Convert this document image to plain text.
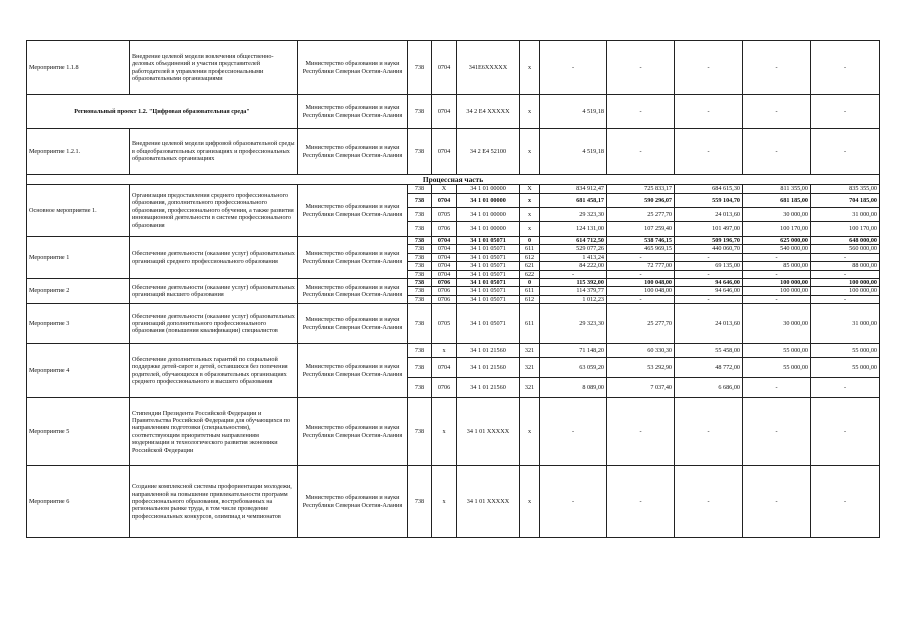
Мероприятие 1.1.8	Внедрение целевой модели вовлечения общественно-деловых объединений и участия представителей работодателей в управлении профессиональными образовательными организациями	Министерство образования и науки Республики Северная Осетия-Алания	738	0704	341E6XXXXX	х	-	-	-	-	-
Региональный проект 1.2. "Цифровая образовательная среда"		Министерство образования и науки Республики Северная Осетия-Алания	738	0704	34 2 E4 XXXXX	х	4 519,18	-	-	-	-
Мероприятие 1.2.1.	Внедрение целевой модели цифровой образовательной среды в общеобразовательных организациях и профессиональных образовательных организациях	Министерство образования и науки Республики Северная Осетия-Алания	738	0704	34 2 E4 52100	х	4 519,18	-	-	-	-
Процессная часть											
Основное мероприятие 1.	Организация предоставления среднего профессионального образования, дополнительного профессионального образования, профессионального обучения, а также развития инновационной деятельности в системе профессионального образования	Министерство образования и науки Республики Северная Осетия-Алания	738	Х	34 1 01 00000	Х	834 912,47	725 833,17	684 615,30	811 355,00	835 355,00
			738	0704	34 1 01 00000	х	681 458,17	590 296,07	559 104,70	681 185,00	704 185,00
			738	0705	34 1 01 00000	х	29 323,30	25 277,70	24 013,60	30 000,00	31 000,00
			738	0706	34 1 01 00000	х	124 131,00	107 259,40	101 497,00	100 170,00	100 170,00
Мероприятие 1	Обеспечение деятельности (оказание услуг) образовательных организаций среднего профессионального образования	Министерство образования и науки Республики Северная Осетия-Алания	738	0704	34 1 01 05071	0	614 712,50	538 746,15	509 196,70	625 000,00	648 000,00
			738	0704	34 1 01 05071	611	529 077,26	465 969,15	440 060,70	540 000,00	560 000,00
			738	0704	34 1 01 05071	612	1 413,24	-	-	-	-
			738	0704	34 1 01 05071	621	84 222,00	72 777,00	69 135,00	85 000,00	88 000,00
			738	0704	34 1 01 05071	622	-	-	-	-	-
Мероприятие 2	Обеспечение деятельности (оказание услуг) образовательных организаций высшего образования	Министерство образования и науки Республики Северная Осетия-Алания	738	0706	34 1 01 05071	0	115 392,00	100 048,00	94 646,00	100 000,00	100 000,00
			738	0706	34 1 01 05071	611	114 379,77	100 048,00	94 646,00	100 000,00	100 000,00
			738	0706	34 1 01 05071	612	1 012,23	-	-	-	-
Мероприятие 3	Обеспечение деятельности (оказание услуг) образовательных организаций дополнительного профессионального образования (повышения квалификации) специалистов	Министерство образования и науки Республики Северная Осетия-Алания	738	0705	34 1 01 05071	611	29 323,30	25 277,70	24 013,60	30 000,00	31 000,00
Мероприятие 4	Обеспечение дополнительных гарантий по социальной поддержке детей-сирот и детей, оставшихся без попечения родителей, обучающихся в образовательных организациях среднего профессионального и высшего образования	Министерство образования и науки Республики Северная Осетия-Алания	738	х	34 1 01 21560	321	71 148,20	60 330,30	55 458,00	55 000,00	55 000,00
			738	0704	34 1 01 21560	321	63 059,20	53 292,90	48 772,00	55 000,00	55 000,00
			738	0706	34 1 01 21560	321	8 089,00	7 037,40	6 686,00	-	-
Мероприятие 5	Стипендии Президента Российской Федерации и Правительства Российской Федерации для обучающихся по направлениям подготовки (специальностям), соответствующим приоритетным направлениям модернизации и технологического развития экономики Российской Федерации	Министерство образования и науки Республики Северная Осетия-Алания	738	х	34 1 01 XXXXX	х	-	-	-	-	-
Мероприятие 6	Создание комплексной системы профориентации молодежи, направленной на повышение привлекательности программ профессионального образования, востребованных на региональном рынке труда, в том числе проведение профессиональных конкурсов, олимпиад и чемпионатов	Министерство образования и науки Республики Северная Осетия-Алания	738	х	34 1 01 XXXXX	х	-	-	-	-	-
